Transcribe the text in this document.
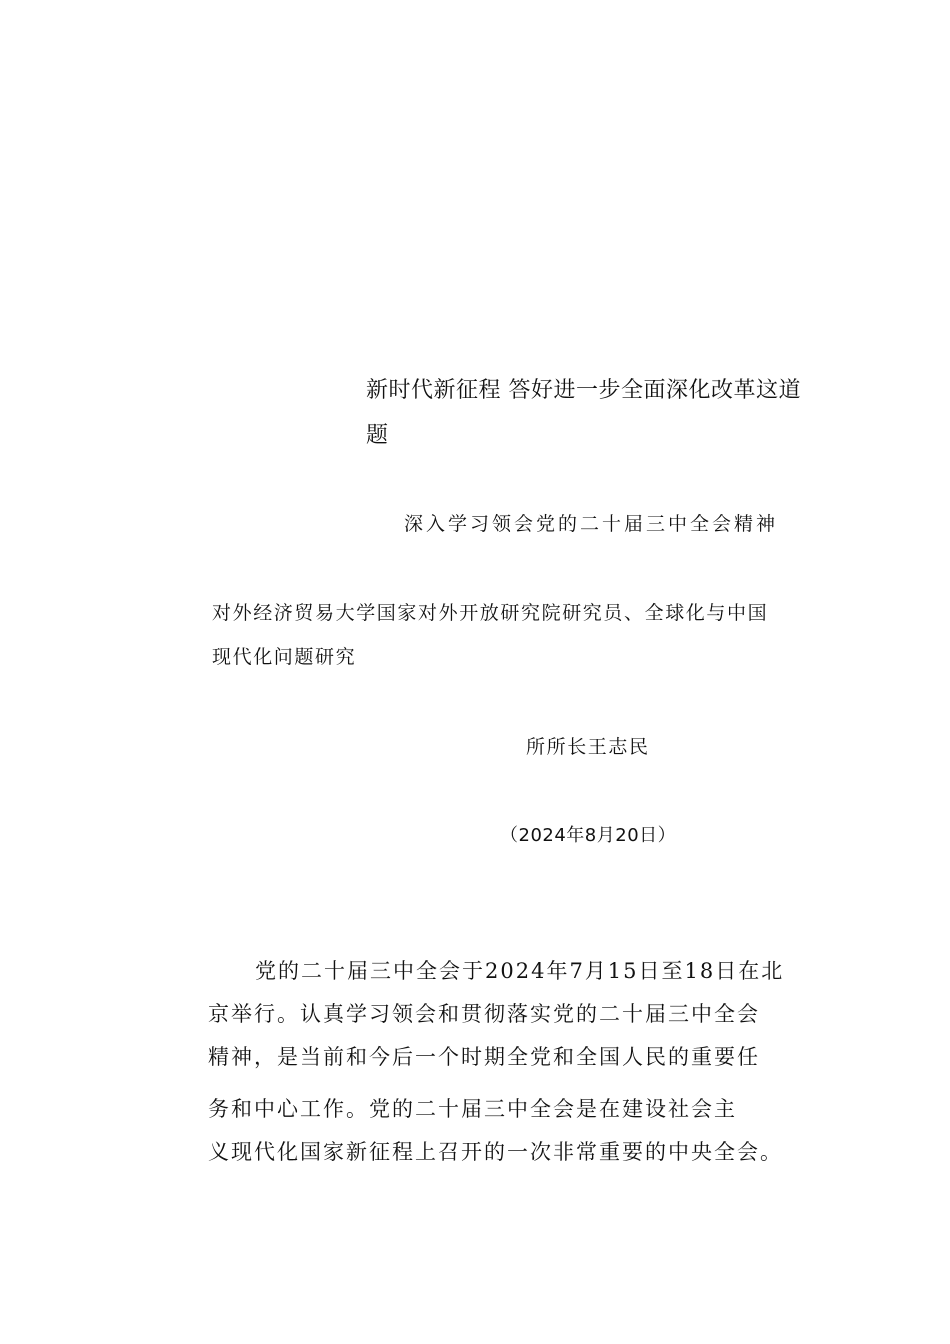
新时代新征程 答好进一步全面深化改革这道

题

深入学习领会党的二十届三中全会精神

对外经济贸易大学国家对外开放研究院研究员、全球化与中国

现代化问题研究

所所长王志民

（2024年8月20日）

党的二十届三中全会于2024年7月15日至18日在北

京举行。认真学习领会和贯彻落实党的二十届三中全会

精神，是当前和今后一个时期全党和全国人民的重要任

务和中心工作。党的二十届三中全会是在建设社会主

义现代化国家新征程上召开的一次非常重要的中央全会。
